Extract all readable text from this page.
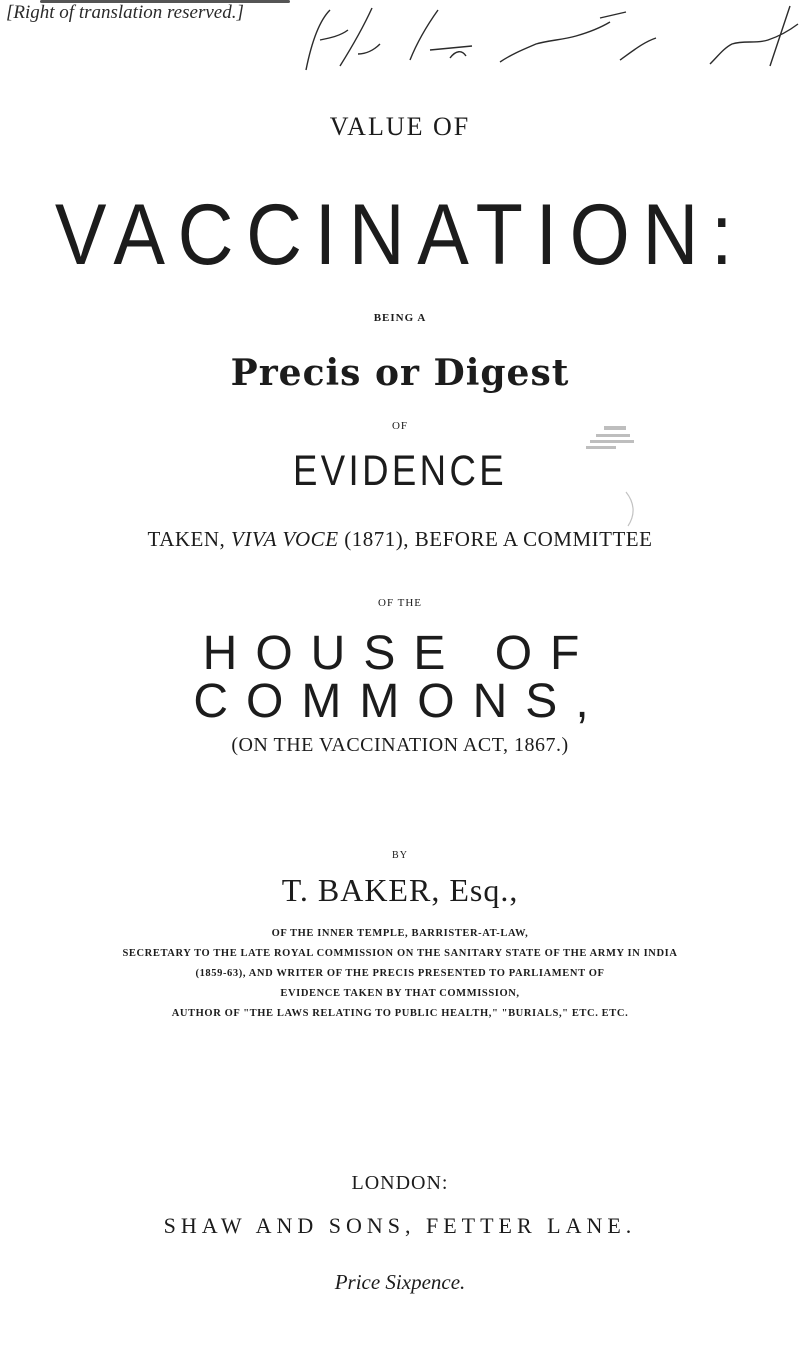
[Right of translation reserved.]
VALUE OF
VACCINATION:
BEING A
Precis or Digest
OF
EVIDENCE
TAKEN, VIVA VOCE (1871), BEFORE A COMMITTEE
OF THE
HOUSE OF COMMONS,
(ON THE VACCINATION ACT, 1867.)
BY
T. BAKER, Esq.,
OF THE INNER TEMPLE, BARRISTER-AT-LAW,
SECRETARY TO THE LATE ROYAL COMMISSION ON THE SANITARY STATE OF THE ARMY IN INDIA
(1859-63), AND WRITER OF THE PRECIS PRESENTED TO PARLIAMENT OF
EVIDENCE TAKEN BY THAT COMMISSION,
AUTHOR OF "THE LAWS RELATING TO PUBLIC HEALTH," "BURIALS," ETC. ETC.
LONDON:
SHAW AND SONS, FETTER LANE.
Price Sixpence.
